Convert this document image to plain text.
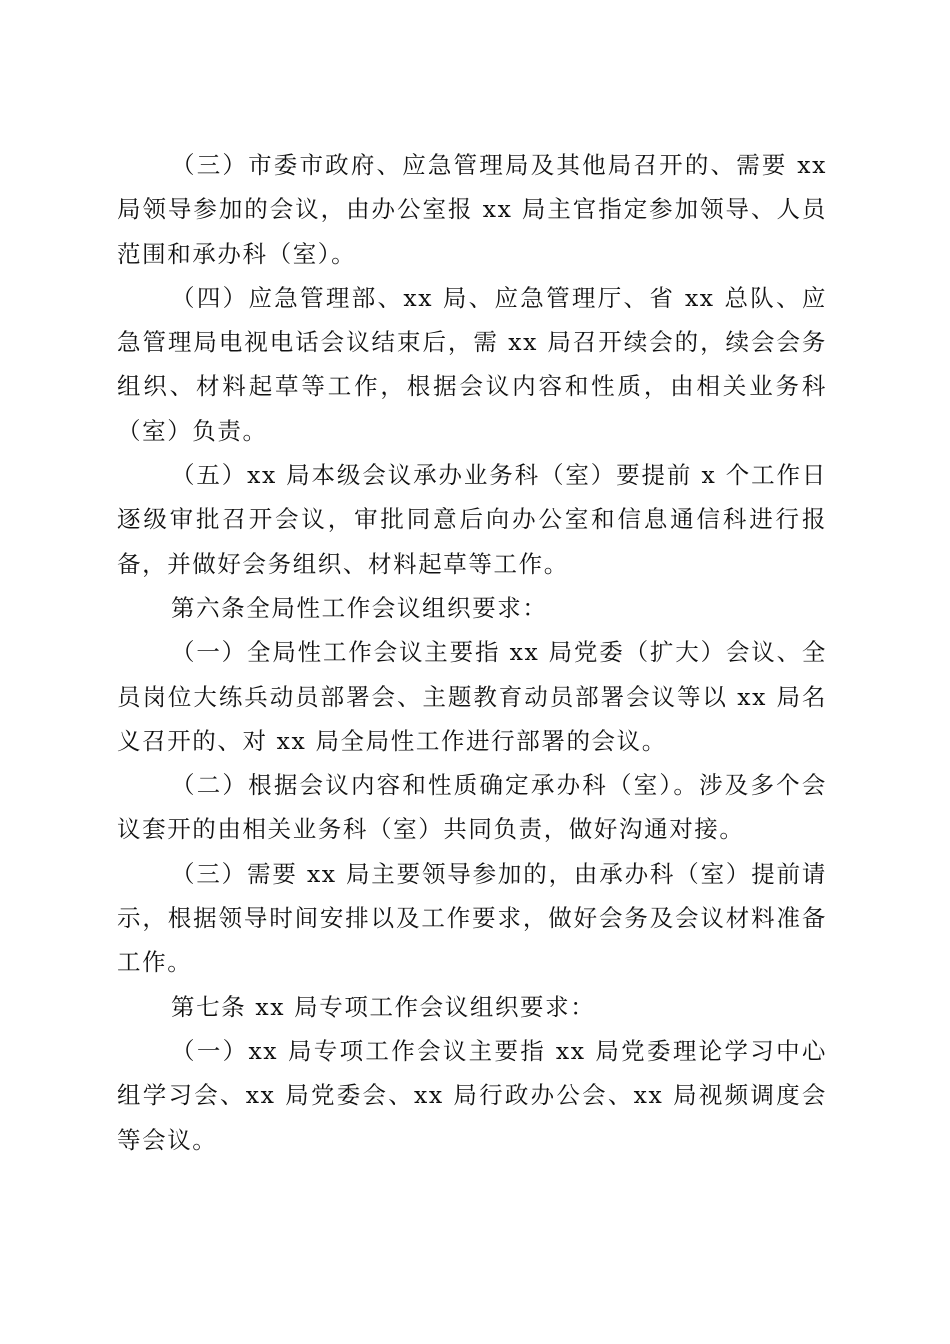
（三）市委市政府、应急管理局及其他局召开的、需要 xx 局领导参加的会议，由办公室报 xx 局主官指定参加领导、人员范围和承办科（室）。

（四）应急管理部、xx 局、应急管理厅、省 xx 总队、应急管理局电视电话会议结束后，需 xx 局召开续会的，续会会务组织、材料起草等工作，根据会议内容和性质，由相关业务科（室）负责。

（五）xx 局本级会议承办业务科（室）要提前 x 个工作日逐级审批召开会议，审批同意后向办公室和信息通信科进行报备，并做好会务组织、材料起草等工作。

第六条全局性工作会议组织要求：

（一）全局性工作会议主要指 xx 局党委（扩大）会议、全员岗位大练兵动员部署会、主题教育动员部署会议等以 xx 局名义召开的、对 xx 局全局性工作进行部署的会议。

（二）根据会议内容和性质确定承办科（室）。涉及多个会议套开的由相关业务科（室）共同负责，做好沟通对接。

（三）需要 xx 局主要领导参加的，由承办科（室）提前请示，根据领导时间安排以及工作要求，做好会务及会议材料准备工作。

第七条 xx 局专项工作会议组织要求：

（一）xx 局专项工作会议主要指 xx 局党委理论学习中心组学习会、xx 局党委会、xx 局行政办公会、xx 局视频调度会等会议。
